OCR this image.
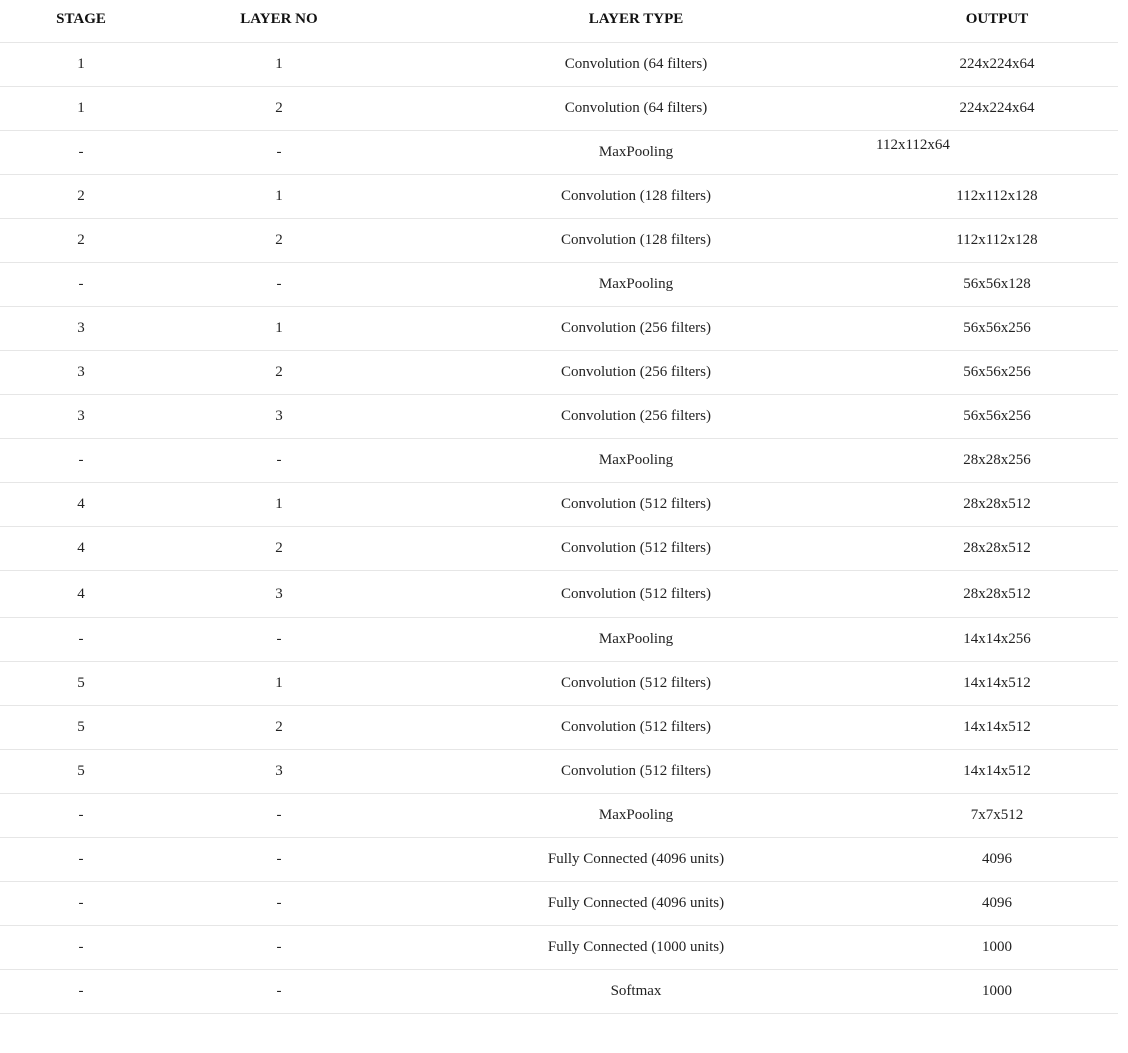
STAGE	LAYER NO	LAYER TYPE	OUTPUT
1	1	Convolution (64 filters)	224x224x64
1	2	Convolution (64 filters)	224x224x64
-	-	MaxPooling	112x112x64
2	1	Convolution (128 filters)	112x112x128
2	2	Convolution (128 filters)	112x112x128
-	-	MaxPooling	56x56x128
3	1	Convolution (256 filters)	56x56x256
3	2	Convolution (256 filters)	56x56x256
3	3	Convolution (256 filters)	56x56x256
-	-	MaxPooling	28x28x256
4	1	Convolution (512 filters)	28x28x512
4	2	Convolution (512 filters)	28x28x512
4	3	Convolution (512 filters)	28x28x512
-	-	MaxPooling	14x14x256
5	1	Convolution (512 filters)	14x14x512
5	2	Convolution (512 filters)	14x14x512
5	3	Convolution (512 filters)	14x14x512
-	-	MaxPooling	7x7x512
-	-	Fully Connected (4096 units)	4096
-	-	Fully Connected (4096 units)	4096
-	-	Fully Connected (1000 units)	1000
-	-	Softmax	1000
